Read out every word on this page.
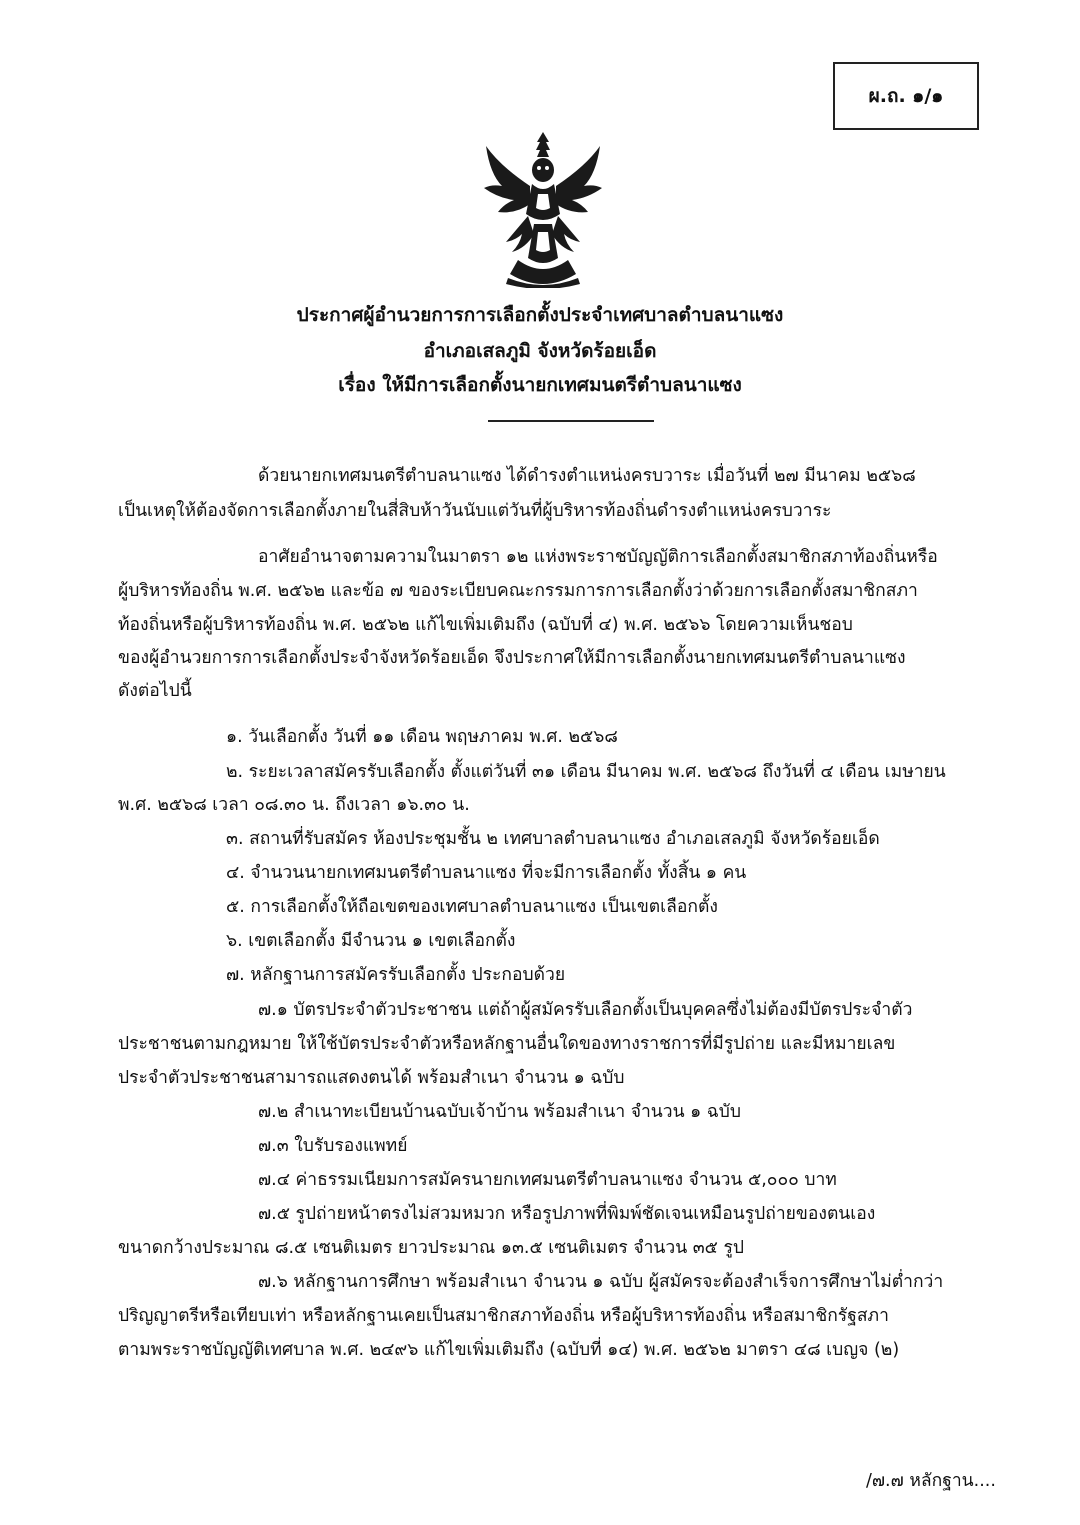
ผ.ถ. ๑/๑
ประกาศผู้อำนวยการการเลือกตั้งประจำเทศบาลตำบลนาแซง
อำเภอเสลภูมิ จังหวัดร้อยเอ็ด
เรื่อง ให้มีการเลือกตั้งนายกเทศมนตรีตำบลนาแซง
ด้วยนายกเทศมนตรีตำบลนาแซง ได้ดำรงตำแหน่งครบวาระ เมื่อวันที่ ๒๗ มีนาคม ๒๕๖๘
เป็นเหตุให้ต้องจัดการเลือกตั้งภายในสี่สิบห้าวันนับแต่วันที่ผู้บริหารท้องถิ่นดำรงตำแหน่งครบวาระ
อาศัยอำนาจตามความในมาตรา ๑๒ แห่งพระราชบัญญัติการเลือกตั้งสมาชิกสภาท้องถิ่นหรือ
ผู้บริหารท้องถิ่น พ.ศ. ๒๕๖๒ และข้อ ๗ ของระเบียบคณะกรรมการการเลือกตั้งว่าด้วยการเลือกตั้งสมาชิกสภา
ท้องถิ่นหรือผู้บริหารท้องถิ่น พ.ศ. ๒๕๖๒ แก้ไขเพิ่มเติมถึง (ฉบับที่ ๔) พ.ศ. ๒๕๖๖ โดยความเห็นชอบ
ของผู้อำนวยการการเลือกตั้งประจำจังหวัดร้อยเอ็ด จึงประกาศให้มีการเลือกตั้งนายกเทศมนตรีตำบลนาแซง
ดังต่อไปนี้
๑. วันเลือกตั้ง วันที่ ๑๑ เดือน พฤษภาคม พ.ศ. ๒๕๖๘
๒. ระยะเวลาสมัครรับเลือกตั้ง ตั้งแต่วันที่ ๓๑ เดือน มีนาคม พ.ศ. ๒๕๖๘ ถึงวันที่ ๔ เดือน เมษายน
พ.ศ. ๒๕๖๘ เวลา ๐๘.๓๐ น. ถึงเวลา ๑๖.๓๐ น.
๓. สถานที่รับสมัคร ห้องประชุมชั้น ๒ เทศบาลตำบลนาแซง อำเภอเสลภูมิ จังหวัดร้อยเอ็ด
๔. จำนวนนายกเทศมนตรีตำบลนาแซง ที่จะมีการเลือกตั้ง ทั้งสิ้น ๑ คน
๕. การเลือกตั้งให้ถือเขตของเทศบาลตำบลนาแซง เป็นเขตเลือกตั้ง
๖. เขตเลือกตั้ง มีจำนวน ๑ เขตเลือกตั้ง
๗. หลักฐานการสมัครรับเลือกตั้ง ประกอบด้วย
๗.๑ บัตรประจำตัวประชาชน แต่ถ้าผู้สมัครรับเลือกตั้งเป็นบุคคลซึ่งไม่ต้องมีบัตรประจำตัว
ประชาชนตามกฎหมาย ให้ใช้บัตรประจำตัวหรือหลักฐานอื่นใดของทางราชการที่มีรูปถ่าย และมีหมายเลข
ประจำตัวประชาชนสามารถแสดงตนได้ พร้อมสำเนา จำนวน ๑ ฉบับ
๗.๒ สำเนาทะเบียนบ้านฉบับเจ้าบ้าน พร้อมสำเนา จำนวน ๑ ฉบับ
๗.๓ ใบรับรองแพทย์
๗.๔ ค่าธรรมเนียมการสมัครนายกเทศมนตรีตำบลนาแซง จำนวน ๕,๐๐๐ บาท
๗.๕ รูปถ่ายหน้าตรงไม่สวมหมวก หรือรูปภาพที่พิมพ์ชัดเจนเหมือนรูปถ่ายของตนเอง
ขนาดกว้างประมาณ ๘.๕ เซนติเมตร ยาวประมาณ ๑๓.๕ เซนติเมตร จำนวน ๓๕ รูป
๗.๖ หลักฐานการศึกษา พร้อมสำเนา จำนวน ๑ ฉบับ ผู้สมัครจะต้องสำเร็จการศึกษาไม่ต่ำกว่า
ปริญญาตรีหรือเทียบเท่า หรือหลักฐานเคยเป็นสมาชิกสภาท้องถิ่น หรือผู้บริหารท้องถิ่น หรือสมาชิกรัฐสภา
ตามพระราชบัญญัติเทศบาล พ.ศ. ๒๔๙๖ แก้ไขเพิ่มเติมถึง (ฉบับที่ ๑๔) พ.ศ. ๒๕๖๒ มาตรา ๔๘ เบญจ (๒)
/๗.๗ หลักฐาน....
